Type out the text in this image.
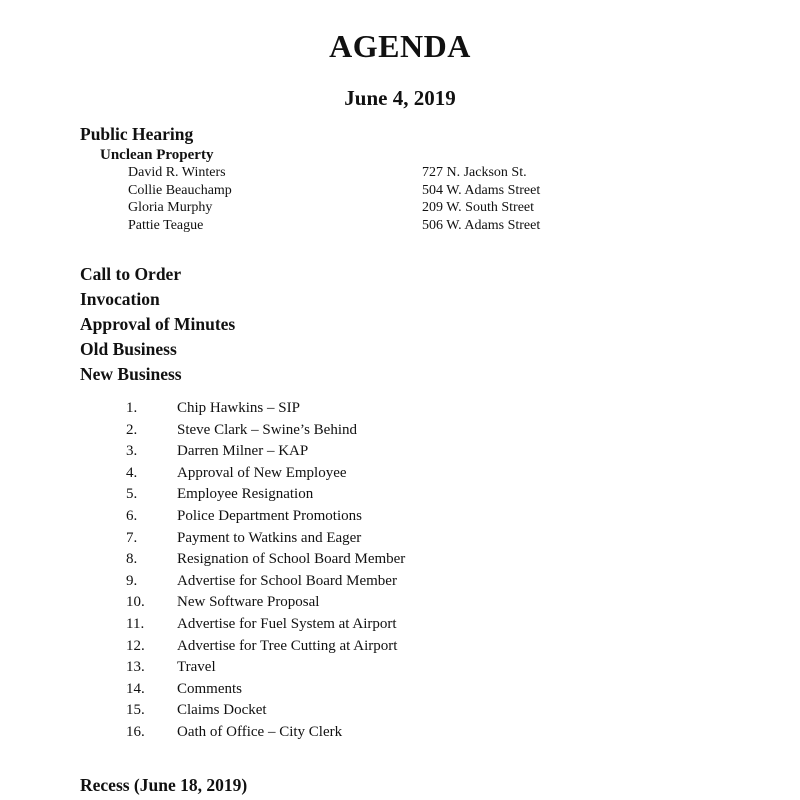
AGENDA
June 4, 2019
Public Hearing
Unclean Property
David R. Winters	727 N. Jackson St.
Collie Beauchamp	504 W. Adams Street
Gloria Murphy	209 W. South Street
Pattie Teague	506 W. Adams Street
Call to Order
Invocation
Approval of Minutes
Old Business
New Business
1.	Chip Hawkins – SIP
2.	Steve Clark – Swine’s Behind
3.	Darren Milner – KAP
4.	Approval of New Employee
5.	Employee Resignation
6.	Police Department Promotions
7.	Payment to Watkins and Eager
8.	Resignation of School Board Member
9.	Advertise for School Board Member
10.	New Software Proposal
11.	Advertise for Fuel System at Airport
12.	Advertise for Tree Cutting at Airport
13.	Travel
14.	Comments
15.	Claims Docket
16.	Oath of Office – City Clerk
Recess (June 18, 2019)
